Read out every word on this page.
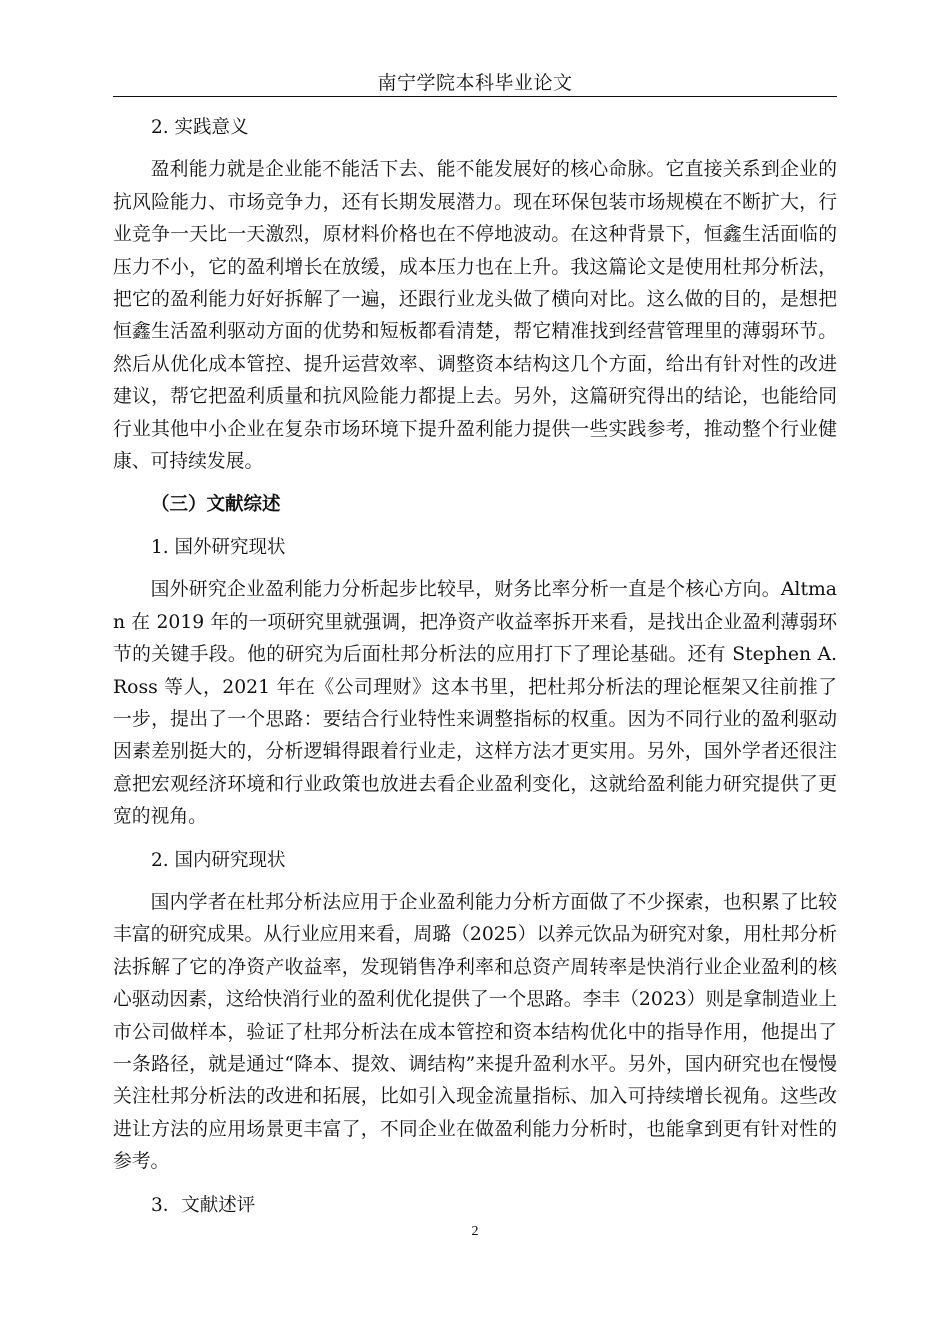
南宁学院本科毕业论文

2. 实践意义

盈利能力就是企业能不能活下去、能不能发展好的核心命脉。它直接关系到企业的抗风险能力、市场竞争力，还有长期发展潜力。现在环保包装市场规模在不断扩大，行业竞争一天比一天激烈，原材料价格也在不停地波动。在这种背景下，恒鑫生活面临的压力不小，它的盈利增长在放缓，成本压力也在上升。我这篇论文是使用杜邦分析法，把它的盈利能力好好拆解了一遍，还跟行业龙头做了横向对比。这么做的目的，是想把恒鑫生活盈利驱动方面的优势和短板都看清楚，帮它精准找到经营管理里的薄弱环节。然后从优化成本管控、提升运营效率、调整资本结构这几个方面，给出有针对性的改进建议，帮它把盈利质量和抗风险能力都提上去。另外，这篇研究得出的结论，也能给同行业其他中小企业在复杂市场环境下提升盈利能力提供一些实践参考，推动整个行业健康、可持续发展。

（三）文献综述

1. 国外研究现状

国外研究企业盈利能力分析起步比较早，财务比率分析一直是个核心方向。Altman 在 2019 年的一项研究里就强调，把净资产收益率拆开来看，是找出企业盈利薄弱环节的关键手段。他的研究为后面杜邦分析法的应用打下了理论基础。还有 Stephen A. Ross 等人，2021 年在《公司理财》这本书里，把杜邦分析法的理论框架又往前推了一步，提出了一个思路：要结合行业特性来调整指标的权重。因为不同行业的盈利驱动因素差别挺大的，分析逻辑得跟着行业走，这样方法才更实用。另外，国外学者还很注意把宏观经济环境和行业政策也放进去看企业盈利变化，这就给盈利能力研究提供了更宽的视角。

2. 国内研究现状

国内学者在杜邦分析法应用于企业盈利能力分析方面做了不少探索，也积累了比较丰富的研究成果。从行业应用来看，周璐（2025）以养元饮品为研究对象，用杜邦分析法拆解了它的净资产收益率，发现销售净利率和总资产周转率是快消行业企业盈利的核心驱动因素，这给快消行业的盈利优化提供了一个思路。李丰（2023）则是拿制造业上市公司做样本，验证了杜邦分析法在成本管控和资本结构优化中的指导作用，他提出了一条路径，就是通过“降本、提效、调结构”来提升盈利水平。另外，国内研究也在慢慢关注杜邦分析法的改进和拓展，比如引入现金流量指标、加入可持续增长视角。这些改进让方法的应用场景更丰富了，不同企业在做盈利能力分析时，也能拿到更有针对性的参考。

3．文献述评

2
